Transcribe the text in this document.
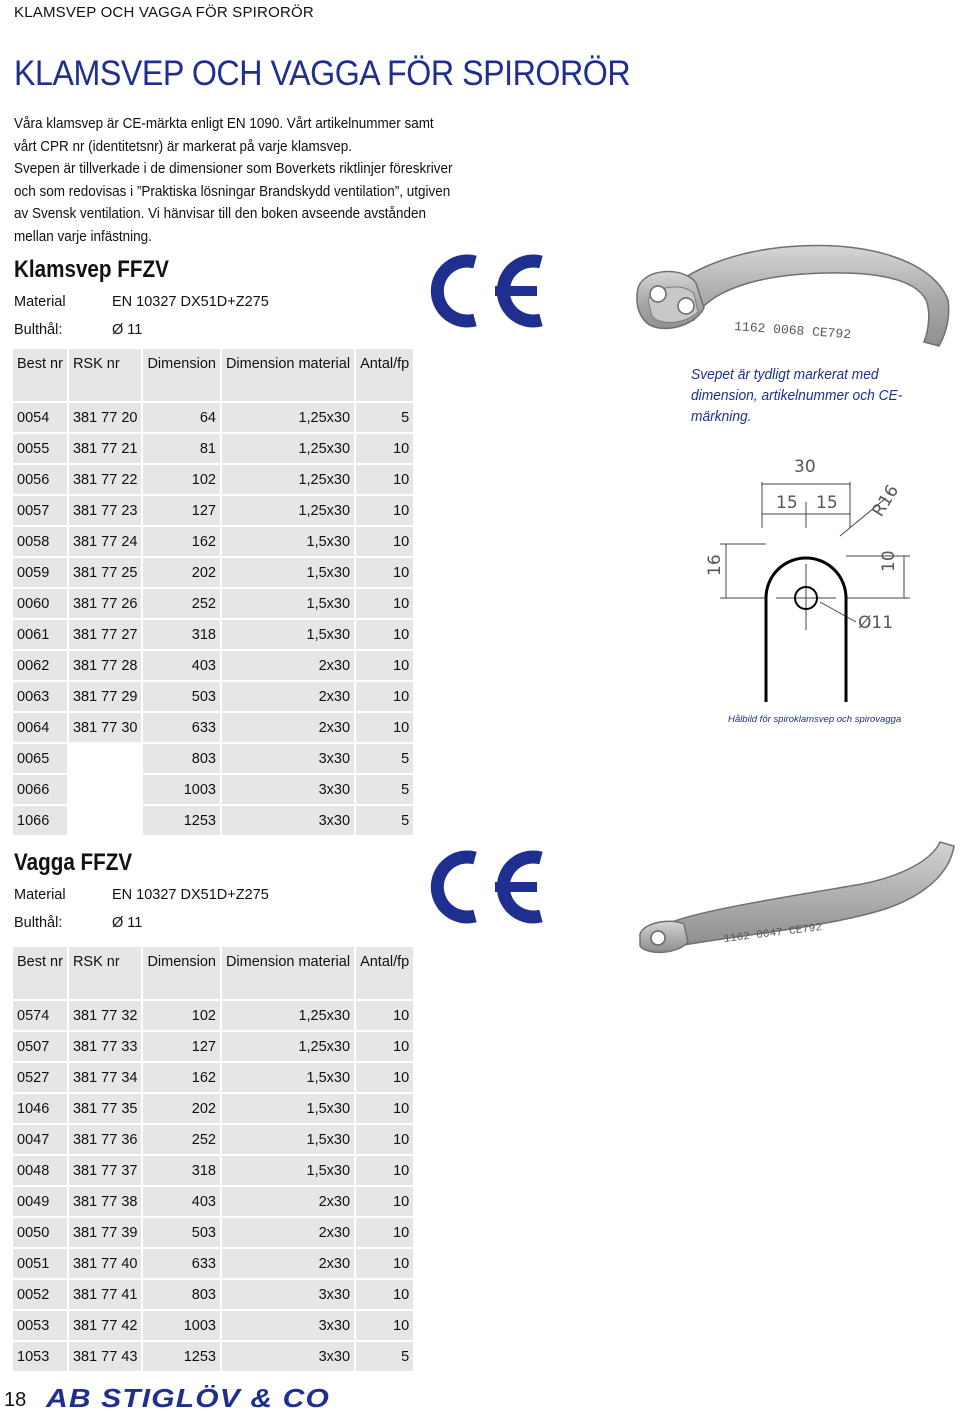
KLAMSVEP OCH VAGGA FÖR SPIRORÖR
KLAMSVEP OCH VAGGA FÖR SPIRORÖR

Våra klamsvep är CE-märkta enligt EN 1090. Vårt artikelnummer samt vårt CPR nr (identitetsnr) är markerat på varje klamsvep.

Svepen är tillverkade i de dimensioner som Boverkets riktlinjer föreskriver och som redovisas i ”Praktiska lösningar Brandskydd ventilation”, utgiven av Svensk ventilation. Vi hänvisar till den boken avseende avstånden mellan varje infästning.

Klamsvep FFZV
Material	EN 10327 DX51D+Z275
Bulthål:	Ø 11
Best nr	RSK nr	Dimension	Dimension material	Antal/fp
0054	381 77 20	64	1,25x30	5
0055	381 77 21	81	1,25x30	10
0056	381 77 22	102	1,25x30	10
0057	381 77 23	127	1,25x30	10
0058	381 77 24	162	1,5x30	10
0059	381 77 25	202	1,5x30	10
0060	381 77 26	252	1,5x30	10
0061	381 77 27	318	1,5x30	10
0062	381 77 28	403	2x30	10
0063	381 77 29	503	2x30	10
0064	381 77 30	633	2x30	10
0065		803	3x30	5
0066		1003	3x30	5
1066		1253	3x30	5
Vagga FFZV
Material	EN 10327 DX51D+Z275
Bulthål:	Ø 11
Best nr	RSK nr	Dimension	Dimension material	Antal/fp
0574	381 77 32	102	1,25x30	10
0507	381 77 33	127	1,25x30	10
0527	381 77 34	162	1,5x30	10
1046	381 77 35	202	1,5x30	10
0047	381 77 36	252	1,5x30	10
0048	381 77 37	318	1,5x30	10
0049	381 77 38	403	2x30	10
0050	381 77 39	503	2x30	10
0051	381 77 40	633	2x30	10
0052	381 77 41	803	3x30	10
0053	381 77 42	1003	3x30	10
1053	381 77 43	1253	3x30	5
1162 0068 CE792
Svepet är tydligt markerat med dimension, artikelnummer och CE-märkning.
30
15 15 R16
16	10
Ø11
Hålbild för spiroklamsvep och spirovagga
1162 0047 CE792
18 AB STIGLÖV & CO
